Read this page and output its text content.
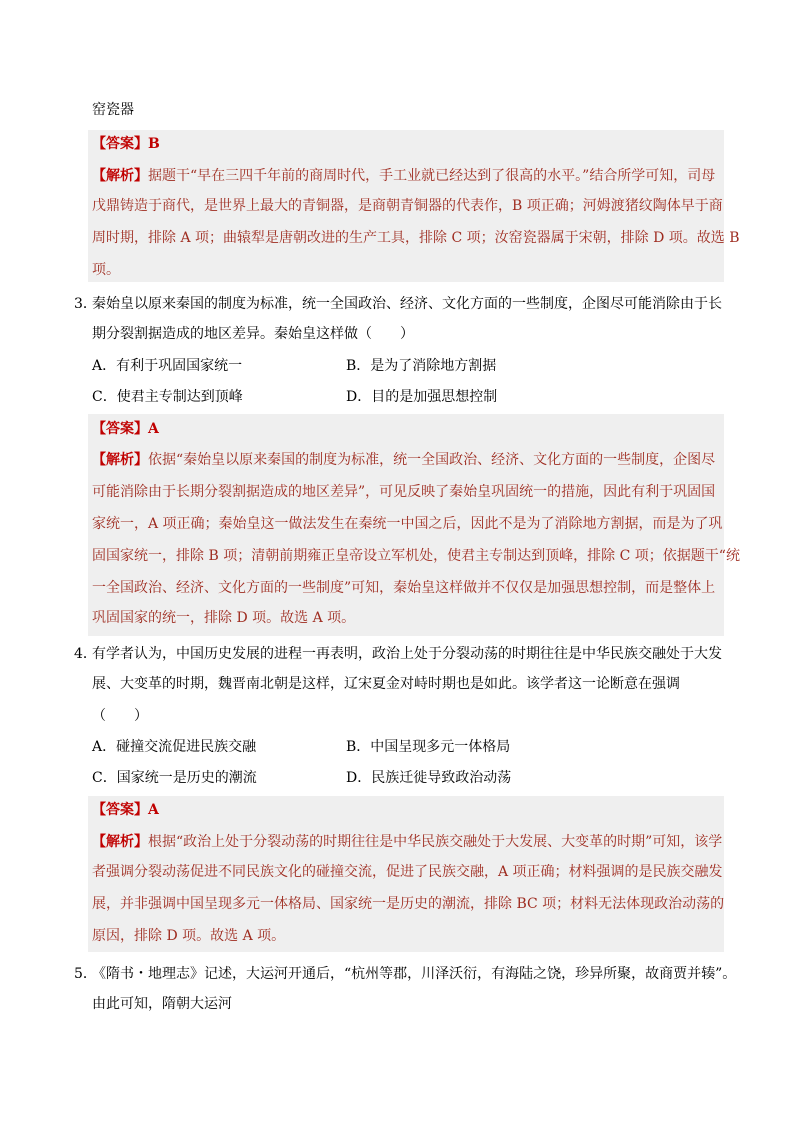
窑瓷器
【答案】B
【解析】据题干“早在三四千年前的商周时代，手工业就已经达到了很高的水平。”结合所学可知，司母
戊鼎铸造于商代，是世界上最大的青铜器，是商朝青铜器的代表作，B 项正确；河姆渡猪纹陶体早于商
周时期，排除 A 项；曲辕犁是唐朝改进的生产工具，排除 C 项；汝窑瓷器属于宋朝，排除 D 项。故选 B
项。
3．
秦始皇以原来秦国的制度为标准，统一全国政治、经济、文化方面的一些制度，企图尽可能消除由于长
期分裂割据造成的地区差异。秦始皇这样做（　　）
A．有利于巩固国家统一	B．是为了消除地方割据
C．使君主专制达到顶峰	D．目的是加强思想控制
【答案】A
【解析】依据“秦始皇以原来秦国的制度为标准，统一全国政治、经济、文化方面的一些制度，企图尽
可能消除由于长期分裂割据造成的地区差异”，可见反映了秦始皇巩固统一的措施，因此有利于巩固国
家统一，A 项正确；秦始皇这一做法发生在秦统一中国之后，因此不是为了消除地方割据，而是为了巩
固国家统一，排除 B 项；清朝前期雍正皇帝设立军机处，使君主专制达到顶峰，排除 C 项；依据题干“统
一全国政治、经济、文化方面的一些制度”可知，秦始皇这样做并不仅仅是加强思想控制，而是整体上
巩固国家的统一，排除 D 项。故选 A 项。
4．
有学者认为，中国历史发展的进程一再表明，政治上处于分裂动荡的时期往往是中华民族交融处于大发
展、大变革的时期，魏晋南北朝是这样，辽宋夏金对峙时期也是如此。该学者这一论断意在强调
（　　）
A．碰撞交流促进民族交融	B．中国呈现多元一体格局
C．国家统一是历史的潮流	D．民族迁徙导致政治动荡
【答案】A
【解析】根据“政治上处于分裂动荡的时期往往是中华民族交融处于大发展、大变革的时期”可知，该学
者强调分裂动荡促进不同民族文化的碰撞交流，促进了民族交融，A 项正确；材料强调的是民族交融发
展，并非强调中国呈现多元一体格局、国家统一是历史的潮流，排除 BC 项；材料无法体现政治动荡的
原因，排除 D 项。故选 A 项。
5．
《隋书・地理志》记述，大运河开通后，“杭州等郡，川泽沃衍，有海陆之饶，珍异所聚，故商贾并辏”。
由此可知，隋朝大运河
